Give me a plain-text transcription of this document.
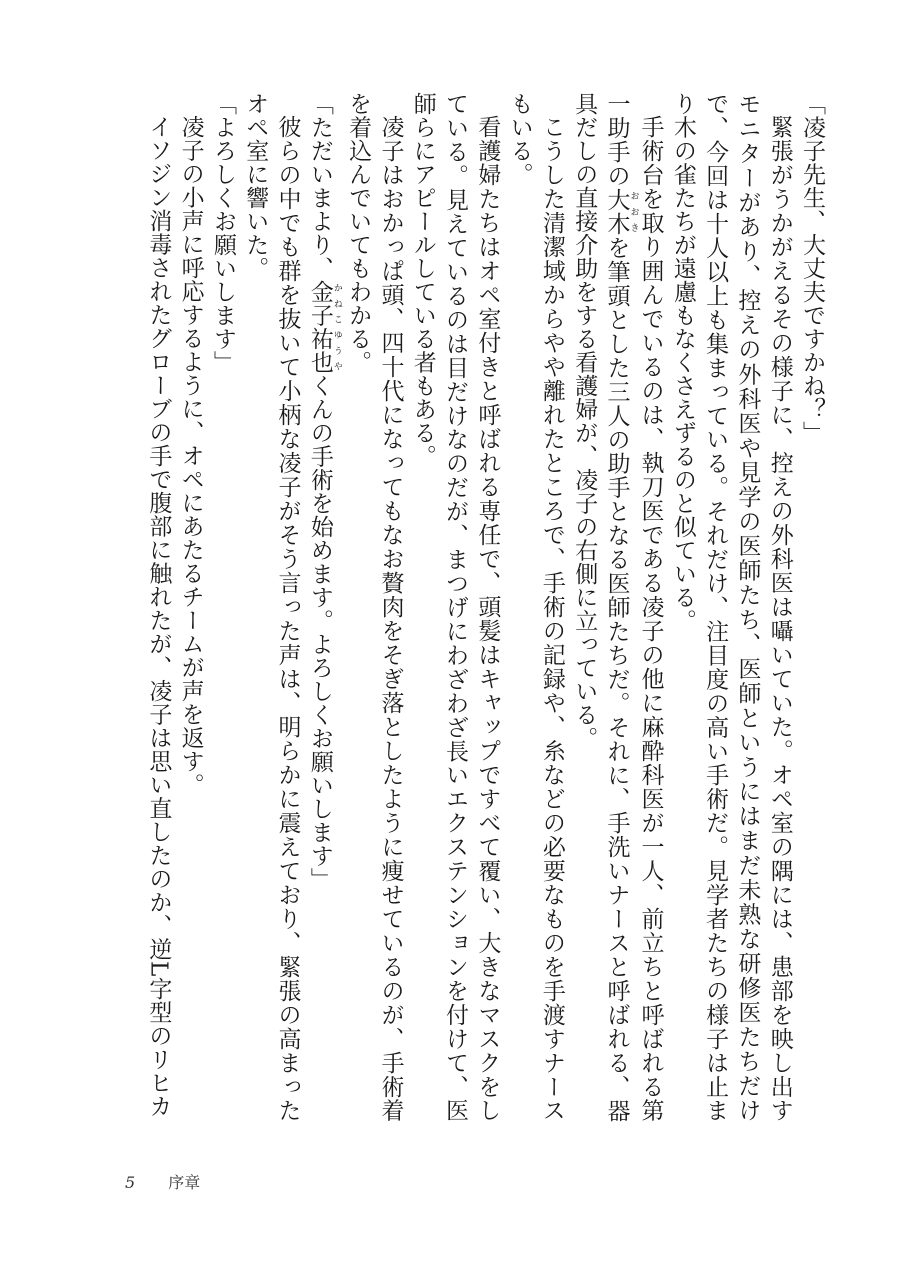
「凌子先生、大丈夫ですかね？」

緊張がうかがえるその様子に、控えの外科医は囁いていた。オペ室の隅には、患部を映し出すモニターがあり、控えの外科医や見学の医師たち、医師というにはまだ未熟な研修医たちだけで、今回は十人以上も集まっている。それだけ、注目度の高い手術だ。見学者たちの様子は止まり木の雀たちが遠慮もなくさえずるのと似ている。

手術台を取り囲んでいるのは、執刀医である凌子の他に麻酔科医が一人、前立ちと呼ばれる第一助手の大木 おおきを筆頭とした三人の助手となる医師たちだ。それに、手洗いナースと呼ばれる、器具だしの直接介助をする看護婦が、凌子の右側に立っている。

こうした清潔域からやや離れたところで、手術の記録や、糸などの必要なものを手渡すナースもいる。

看護婦たちはオペ室付きと呼ばれる専任で、頭髪はキャップですべて覆い、大きなマスクをしている。見えているのは目だけなのだが、まつげにわざわざ長いエクステンションを付けて、医師らにアピールしている者もある。

凌子はおかっぱ頭、四十代になってもなお贅肉をそぎ落としたように痩せているのが、手術着を着込んでいてもわかる。

「ただいまより、金子 かねこ祐也 ゆうやくんの手術を始めます。よろしくお願いします」

彼らの中でも群を抜いて小柄な凌子がそう言った声は、明らかに震えており、緊張の高まったオペ室に響いた。

「よろしくお願いします」

凌子の小声に呼応するように、オペにあたるチームが声を返す。

イソジン消毒されたグローブの手で腹部に触れたが、凌子は思い直したのか、逆L字型のリヒカ

5 序章
